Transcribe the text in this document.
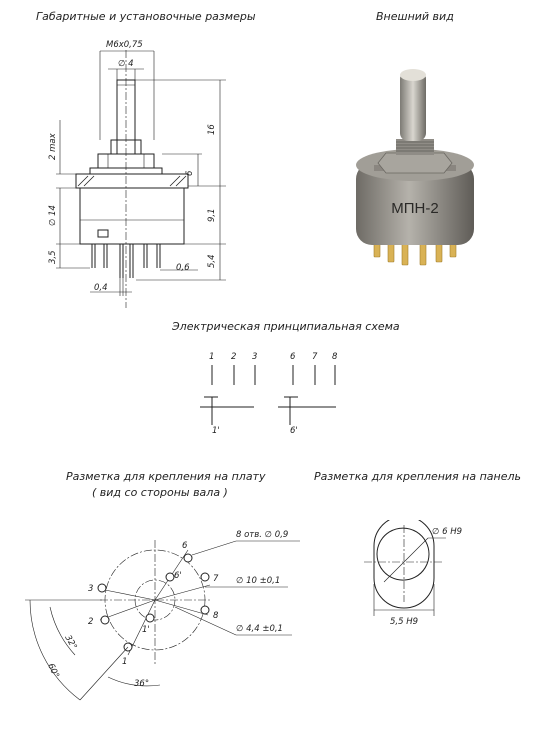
Габаритные и установочные размеры	Внешний вид
Электрическая принципиальная схема
Разметка для крепления на плату
( вид со стороны вала )
Разметка для крепления на панель
M6x0,75
∅ 4
16
6
9,1
5,4
2 max
∅ 14
3,5
0,6
0,4
МПН-2
1 2 3	6 7 8
1'	6'
6
7
8
3
2
1
6'
1'
8 отв. ∅ 0,9
∅ 10 ±0,1
∅ 4,4 ±0,1
60°
32°
36°
∅ 6 H9
5,5 H9
